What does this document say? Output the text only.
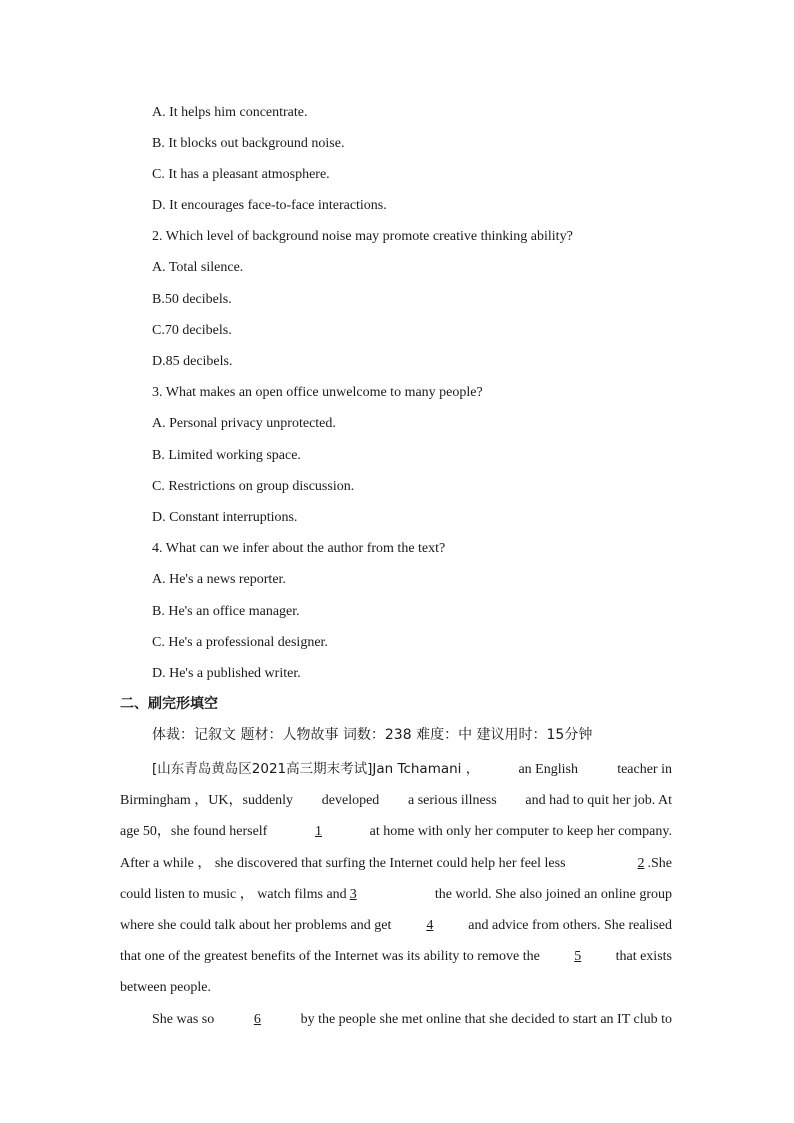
A. It helps him concentrate.
B. It blocks out background noise.
C. It has a pleasant atmosphere.
D. It encourages face-to-face interactions.
2. Which level of background noise may promote creative thinking ability?
A. Total silence.
B.50 decibels.
C.70 decibels.
D.85 decibels.
3. What makes an open office unwelcome to many people?
A. Personal privacy unprotected.
B. Limited working space.
C. Restrictions on group discussion.
D. Constant interruptions.
4. What can we infer about the author from the text?
A. He's a news reporter.
B. He's an office manager.
C. He's a professional designer.
D. He's a published writer.
二、刷完形填空
体裁：记叙文 题材：人物故事 词数：238 难度：中 建议用时：15分钟
[山东青岛黄岛区2021高三期末考试]Jan Tchamani ，	an English	teacher in
Birmingham ，UK，suddenly developed a serious illness and had to quit her job. At
age 50，she found herself	1	at home with only her computer to keep her company.
After a while ， she discovered that surfing the Internet could help her feel less	2 .She
could listen to music ， watch films and 3	the world. She also joined an online group
where she could talk about her problems and get 4 and advice from others. She realised
that one of the greatest benefits of the Internet was its ability to remove the 5 that exists
between people.
She was so	6	by the people she met online that she decided to start an IT club to
